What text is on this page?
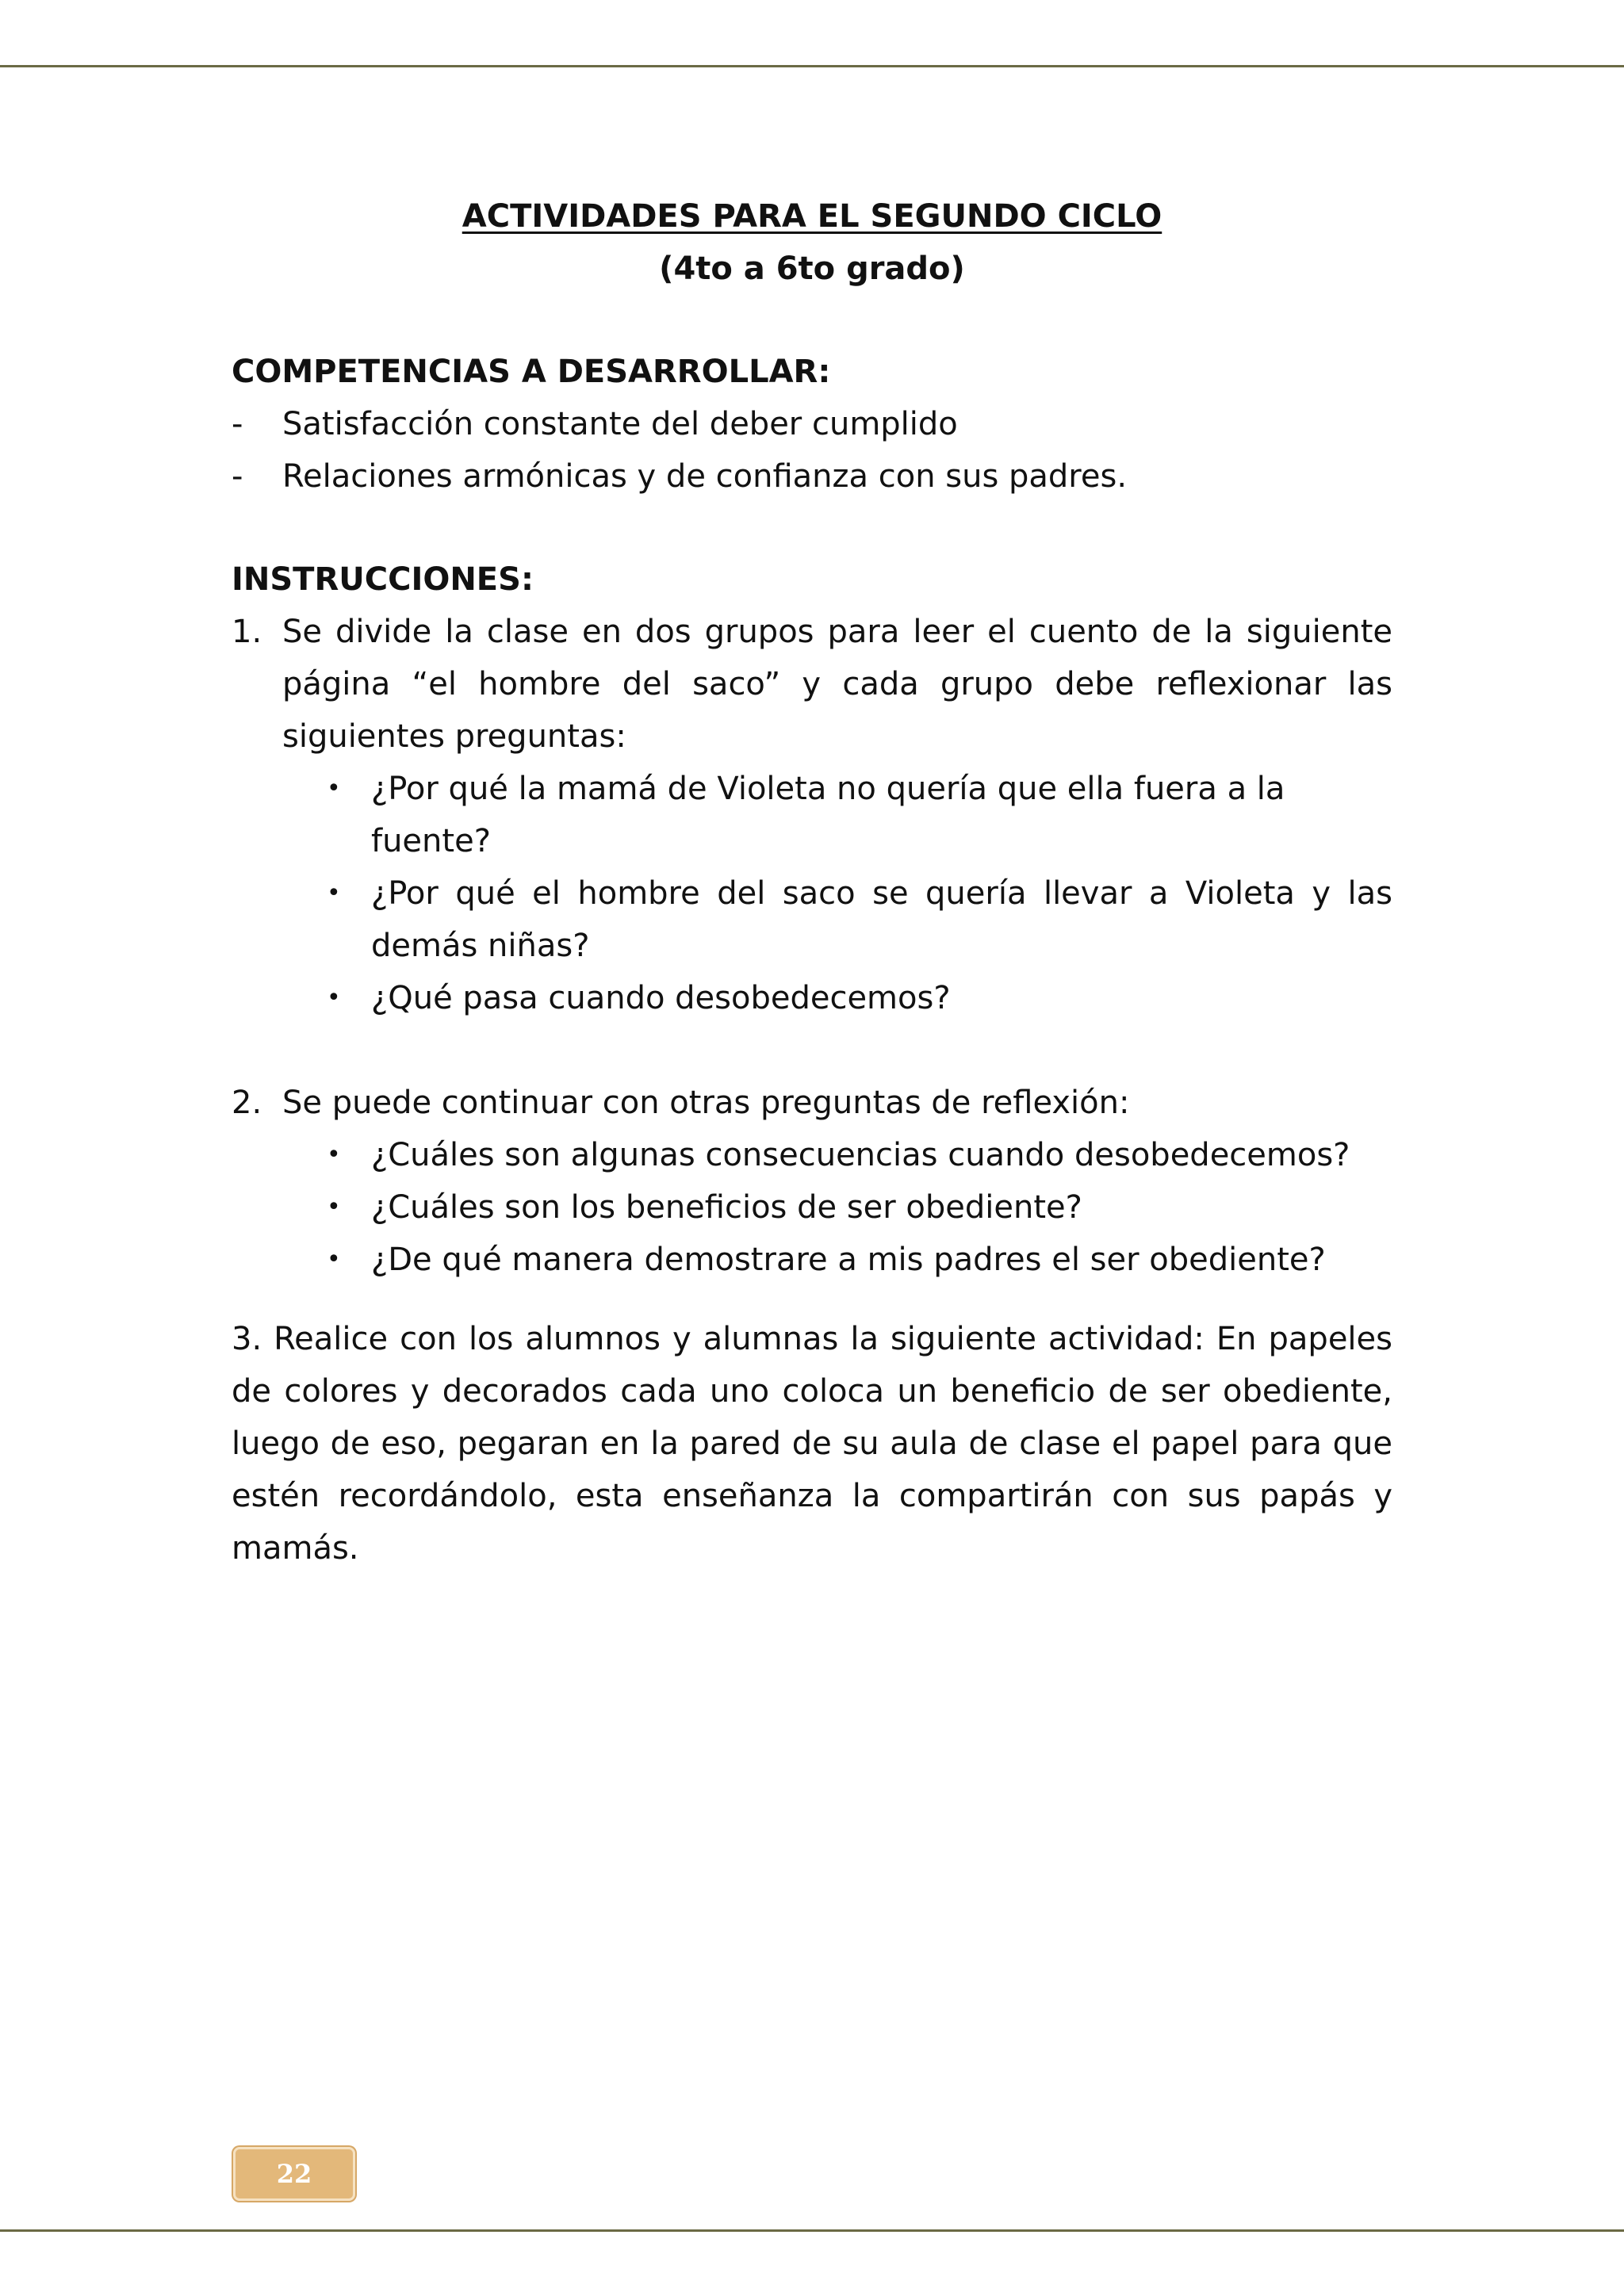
ACTIVIDADES PARA EL SEGUNDO CICLO

(4to a 6to grado)

COMPETENCIAS A DESARROLLAR:

-	Satisfacción constante del deber cumplido
-	Relaciones armónicas y de confianza con sus padres.

INSTRUCCIONES:

1. Se divide la clase en dos grupos para leer el cuento de la siguiente página “el hombre del saco” y cada grupo debe reflexionar las siguientes preguntas:
• ¿Por qué la mamá de Violeta no quería que ella fuera a la fuente?
• ¿Por qué el hombre del saco se quería llevar a Violeta y las demás niñas?
• ¿Qué pasa cuando desobedecemos?
2. Se puede continuar con otras preguntas de reflexión:
• ¿Cuáles son algunas consecuencias cuando desobedecemos?
• ¿Cuáles son los beneficios de ser obediente?
• ¿De qué manera demostrare a mis padres el ser obediente?

3. Realice con los alumnos y alumnas la siguiente actividad: En papeles de colores y decorados cada uno coloca un beneficio de ser obediente, luego de eso, pegaran en la pared de su aula de clase el papel para que estén recordándolo, esta enseñanza la compartirán con sus papás y mamás.

22
